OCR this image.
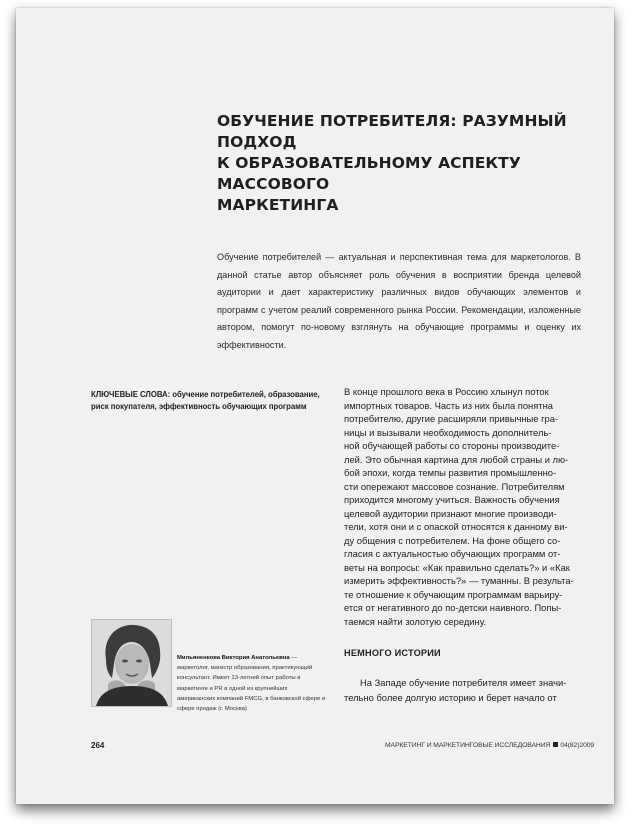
ОБУЧЕНИЕ ПОТРЕБИТЕЛЯ: РАЗУМНЫЙ ПОДХОД
К ОБРАЗОВАТЕЛЬНОМУ АСПЕКТУ МАССОВОГО
МАРКЕТИНГА
Обучение потребителей — актуальная и перспективная тема для маркетологов. В данной статье автор объясняет роль обучения в восприятии бренда целевой аудитории и дает характеристику различных видов обучающих элементов и программ с учетом реалий современного рынка России. Рекомендации, изложенные автором, помогут по-новому взглянуть на обучающие программы и оценку их эффективности.
КЛЮЧЕВЫЕ СЛОВА: обучение потребителей, образование, риск покупателя, эффективность обучающих программ
В конце прошлого века в Россию хлынул поток
импортных товаров. Часть из них была понятна
потребителю, другие расширяли привычные гра-
ницы и вызывали необходимость дополнитель-
ной обучающей работы со стороны производите-
лей. Это обычная картина для любой страны и лю-
бой эпохи, когда темпы развития промышленно-
сти опережают массовое сознание. Потребителям
приходится многому учиться. Важность обучения
целевой аудитории признают многие производи-
тели, хотя они и с опаской относятся к данному ви-
ду общения с потребителем. На фоне общего со-
гласия с актуальностью обучающих программ от-
веты на вопросы: «Как правильно сделать?» и «Как
измерить эффективность?» — туманны. В результа-
те отношение к обучающим программам варьиру-
ется от негативного до по-детски наивного. Попы-
таемся найти золотую середину.
НЕМНОГО ИСТОРИИ
На Западе обучение потребителя имеет значи-
тельно более долгую историю и берет начало от
Мильяненкова Виктория Анатольевна — маркетолог, магистр образования, практикующий консультант. Имеет 13-летний опыт работы в маркетинге и PR в одной из крупнейших американских компаний FMCG, в банковской сфере и сфере продаж (г. Москва)
264	МАРКЕТИНГ И МАРКЕТИНГОВЫЕ ИССЛЕДОВАНИЯ 04(82)2009
